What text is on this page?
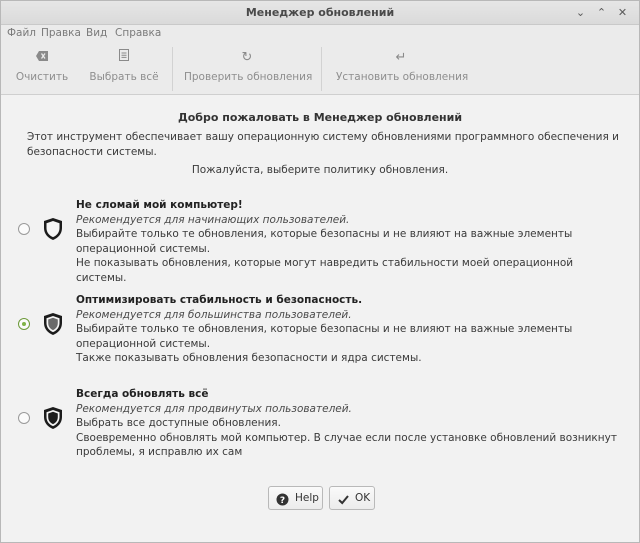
Менеджер обновлений	⌄	⌃	✕
Файл Правка Вид Справка
Очистить	Выбрать всё
↻
Проверить обновления
↵
Установить обновления
Добро пожаловать в Менеджер обновлений
Этот инструмент обеспечивает вашу операционную систему обновлениями программного обеспечения и безопасности системы.
Пожалуйста, выберите политику обновления.
Не сломай мой компьютер!
Рекомендуется для начинающих пользователей.
Выбирайте только те обновления, которые безопасны и не влияют на важные элементы операционной системы.
Не показывать обновления, которые могут навредить стабильности моей операционной системы.
Оптимизировать стабильность и безопасность.
Рекомендуется для большинства пользователей.
Выбирайте только те обновления, которые безопасны и не влияют на важные элементы операционной системы.
Также показывать обновления безопасности и ядра системы.
Всегда обновлять всё
Рекомендуется для продвинутых пользователей.
Выбрать все доступные обновления.
Своевременно обновлять мой компьютер. В случае если после установке обновлений возникнут проблемы, я исправлю их сам
? Help	OK
